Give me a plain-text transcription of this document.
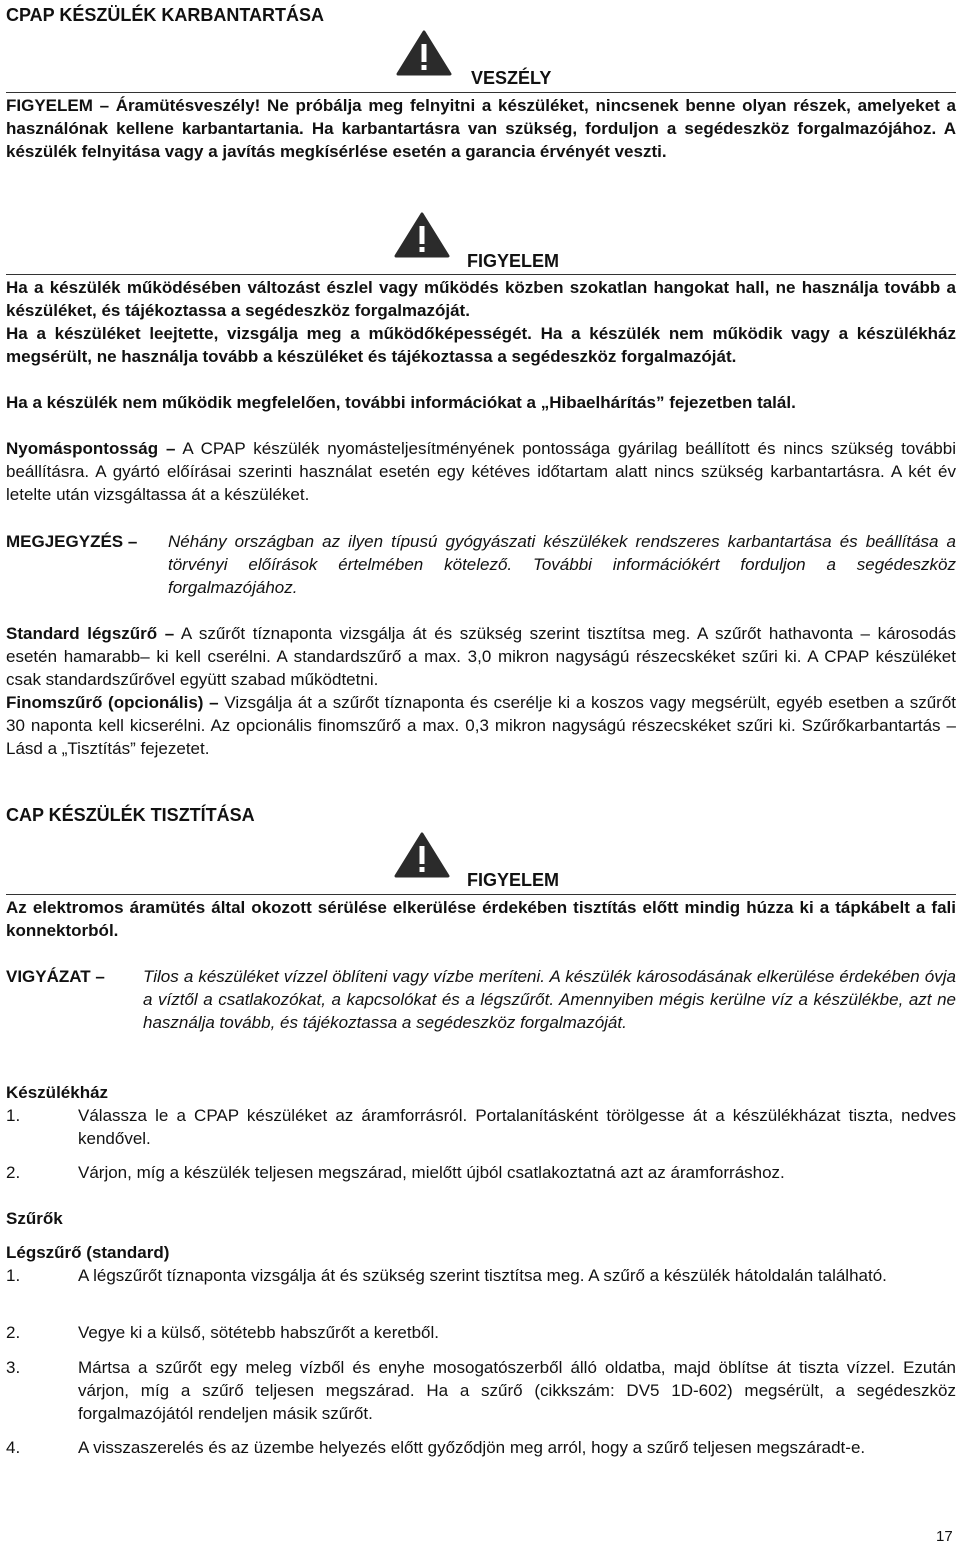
CPAP KÉSZÜLÉK KARBANTARTÁSA
VESZÉLY

FIGYELEM – Áramütésveszély! Ne próbálja meg felnyitni a készüléket, nincsenek benne olyan részek, amelyeket a használónak kellene karbantartania. Ha karbantartásra van szükség, forduljon a segédeszköz forgalmazójához. A készülék felnyitása vagy a javítás megkísérlése esetén a garancia érvényét veszti.

FIGYELEM

Ha a készülék működésében változást észlel vagy működés közben szokatlan hangokat hall, ne használja tovább a készüléket, és tájékoztassa a segédeszköz forgalmazóját.

Ha a készüléket leejtette, vizsgálja meg a működőképességét. Ha a készülék nem működik vagy a készülékház megsérült, ne használja tovább a készüléket és tájékoztassa a segédeszköz forgalmazóját.

Ha a készülék nem működik megfelelően, további információkat a „Hibaelhárítás” fejezetben talál.

Nyomáspontosság – A CPAP készülék nyomásteljesítményének pontossága gyárilag beállított és nincs szükség további beállításra. A gyártó előírásai szerinti használat esetén egy kétéves időtartam alatt nincs szükség karbantartásra. A két év letelte után vizsgáltassa át a készüléket.

MEGJEGYZÉS – Néhány országban az ilyen típusú gyógyászati készülékek rendszeres karbantartása és beállítása a törvényi előírások értelmében kötelező. További információkért forduljon a segédeszköz forgalmazójához.

Standard légszűrő – A szűrőt tíznaponta vizsgálja át és szükség szerint tisztítsa meg. A szűrőt hathavonta – károsodás esetén hamarabb– ki kell cserélni. A standardszűrő a max. 3,0 mikron nagyságú részecskéket szűri ki. A CPAP készüléket csak standardszűrővel együtt szabad működtetni.

Finomszűrő (opcionális) – Vizsgálja át a szűrőt tíznaponta és cserélje ki a koszos vagy megsérült, egyéb esetben a szűrőt 30 naponta kell kicserélni. Az opcionális finomszűrő a max. 0,3 mikron nagyságú részecskéket szűri ki. Szűrőkarbantartás – Lásd a „Tisztítás” fejezetet.

CAP KÉSZÜLÉK TISZTÍTÁSA
FIGYELEM

Az elektromos áramütés által okozott sérülése elkerülése érdekében tisztítás előtt mindig húzza ki a tápkábelt a fali konnektorból.

VIGYÁZAT – Tilos a készüléket vízzel öblíteni vagy vízbe meríteni. A készülék károsodásának elkerülése érdekében óvja a víztől a csatlakozókat, a kapcsolókat és a légszűrőt. Amennyiben mégis kerülne víz a készülékbe, azt ne használja tovább, és tájékoztassa a segédeszköz forgalmazóját.

Készülékház
1.	Válassza le a CPAP készüléket az áramforrásról. Portalanításként törölgesse át a készülékházat tiszta, nedves kendővel.
2.	Várjon, míg a készülék teljesen megszárad, mielőtt újból csatlakoztatná azt az áramforráshoz.
Szűrők
Légszűrő (standard)
1.	A légszűrőt tíznaponta vizsgálja át és szükség szerint tisztítsa meg. A szűrő a készülék hátoldalán található.
2.	Vegye ki a külső, sötétebb habszűrőt a keretből.
3.	Mártsa a szűrőt egy meleg vízből és enyhe mosogatószerből álló oldatba, majd öblítse át tiszta vízzel. Ezután várjon, míg a szűrő teljesen megszárad. Ha a szűrő (cikkszám: DV5 1D-602) megsérült, a segédeszköz forgalmazójától rendeljen másik szűrőt.
4.	A visszaszerelés és az üzembe helyezés előtt győződjön meg arról, hogy a szűrő teljesen megszáradt-e.
17
